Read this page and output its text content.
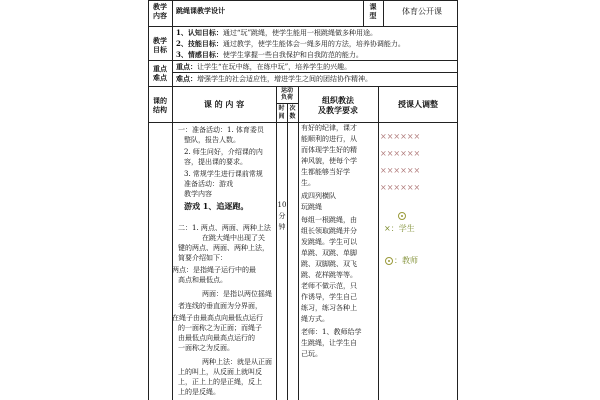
教学
内容
跳绳课教学设计	课
型	体育公开课
教学
目标
1、认知目标：通过“玩”跳绳，使学生能用一根跳绳做多种用途。
2、技能目标：通过教学，使学生能体会一绳多用的方法，培养协调能力。
3、情感目标：使学生掌握一些自我保护和自我防范的能力。
重点
难点
重点：让学生“在玩中练，在练中玩”，培养学生的兴趣。
难点：增强学生的社会适应性，增进学生之间的团结协作精神。
课的
结构
课 的 内 容
运动
负荷
时
间
次
数
组织教法
及教学要求
授课人调整
一：准备活动：1. 体育委员
整队，报告人数。
2. 师生问好，介绍课的内
容，提出课的要求。
3. 常规学生进行课前常规
准备活动：游戏
教学内容
游戏 1、追逐跑。
二：1. 两点、两面、两种上法
在跳大绳中出现了关
键的两点、两面、两种上法，
简要介绍如下：
两点：是指绳子运行中的最
高点和最低点。
两面：是指以两位摇绳
者连线的垂直面为分界面，
在绳子由最高点向最低点运行
的一面称之为正面；而绳子
由最低点向最高点运行的
一面称之为反面。
两种上法：就是从正面
上的叫上，从反面上就叫反
上，正上上的是正绳，反上
上的是反绳。
10
分
钟
有好的纪律，课才
能顺利的进行，从
而体现学生好的精
神风貌，使每个学
生都能够当好学
生。
成四列横队
玩跳绳
每组一根跳绳，由
组长领取跳绳并分
发跳绳。学生可以
单跳、双跳、单脚
跳、双脚跳、双飞
跳、花样跳等等。
老师不做示范，只
作诱导，学生自己
练习，练习各种上
绳方式。
老师：1、教师给学
生跳绳，让学生自
己玩。
××××××
××××××
××××××
××××××
×：学生
：教师
